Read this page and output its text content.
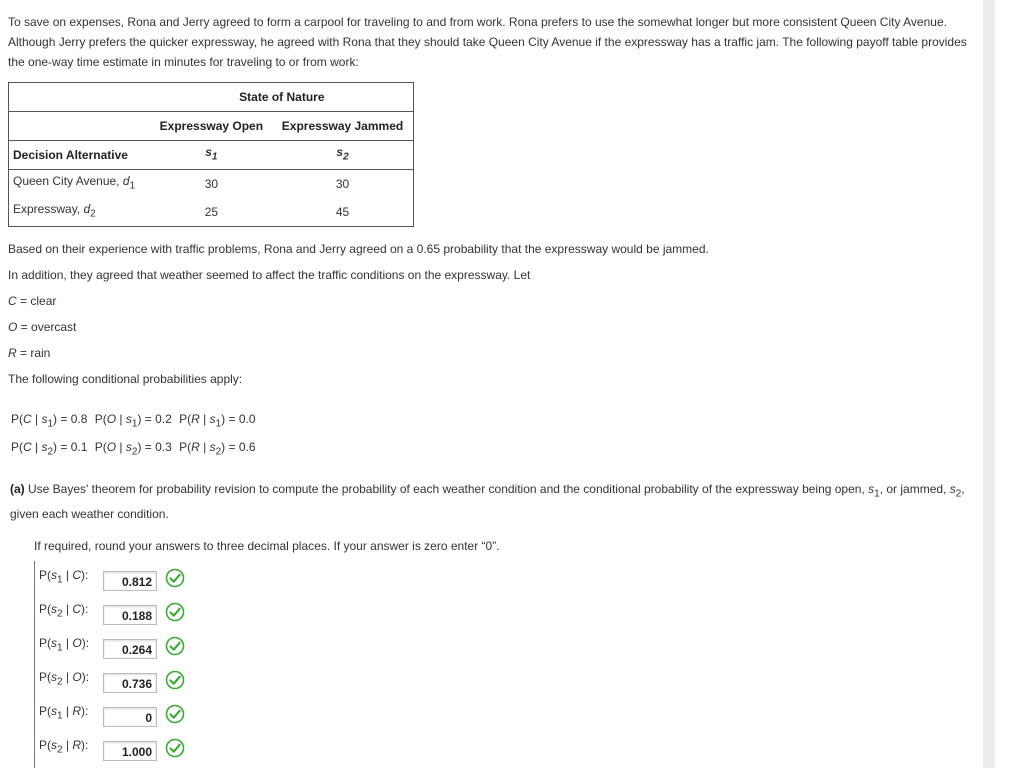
To save on expenses, Rona and Jerry agreed to form a carpool for traveling to and from work. Rona prefers to use the somewhat longer but more consistent Queen City Avenue. Although Jerry prefers the quicker expressway, he agreed with Rona that they should take Queen City Avenue if the expressway has a traffic jam. The following payoff table provides the one-way time estimate in minutes for traveling to or from work:

	State of Nature	
	Expressway Open	Expressway Jammed
Decision Alternative	$s_1$	$s_2$
Queen City Avenue, $d_1$	30	30
Expressway, $d_2$	25	45

Based on their experience with traffic problems, Rona and Jerry agreed on a 0.65 probability that the expressway would be jammed.

In addition, they agreed that weather seemed to affect the traffic conditions on the expressway. Let

C = clear

O = overcast

R = rain

The following conditional probabilities apply:

P(C | $s_1) = 0.8$ P(O | $s_1) = 0.2$ P(R | $s_1) = 0.0$
P(C | $s_2) = 0.1$ P(O | $s_2) = 0.3$ P(R | $s_2) = 0.6$
(a) Use Bayes' theorem for probability revision to compute the probability of each weather condition and the conditional probability of the expressway being open, $s_1$, or jammed, $s_2$, given each weather condition.
If required, round your answers to three decimal places. If your answer is zero enter “0”.
$P(s_1$ | C):	0.812
$P(s_2$ | C):	0.188
$P(s_1$ | O):	0.264
$P(s_2$ | O):	0.736
$P(s_1$ | R):	0
$P(s_2$ | R):	1.000
